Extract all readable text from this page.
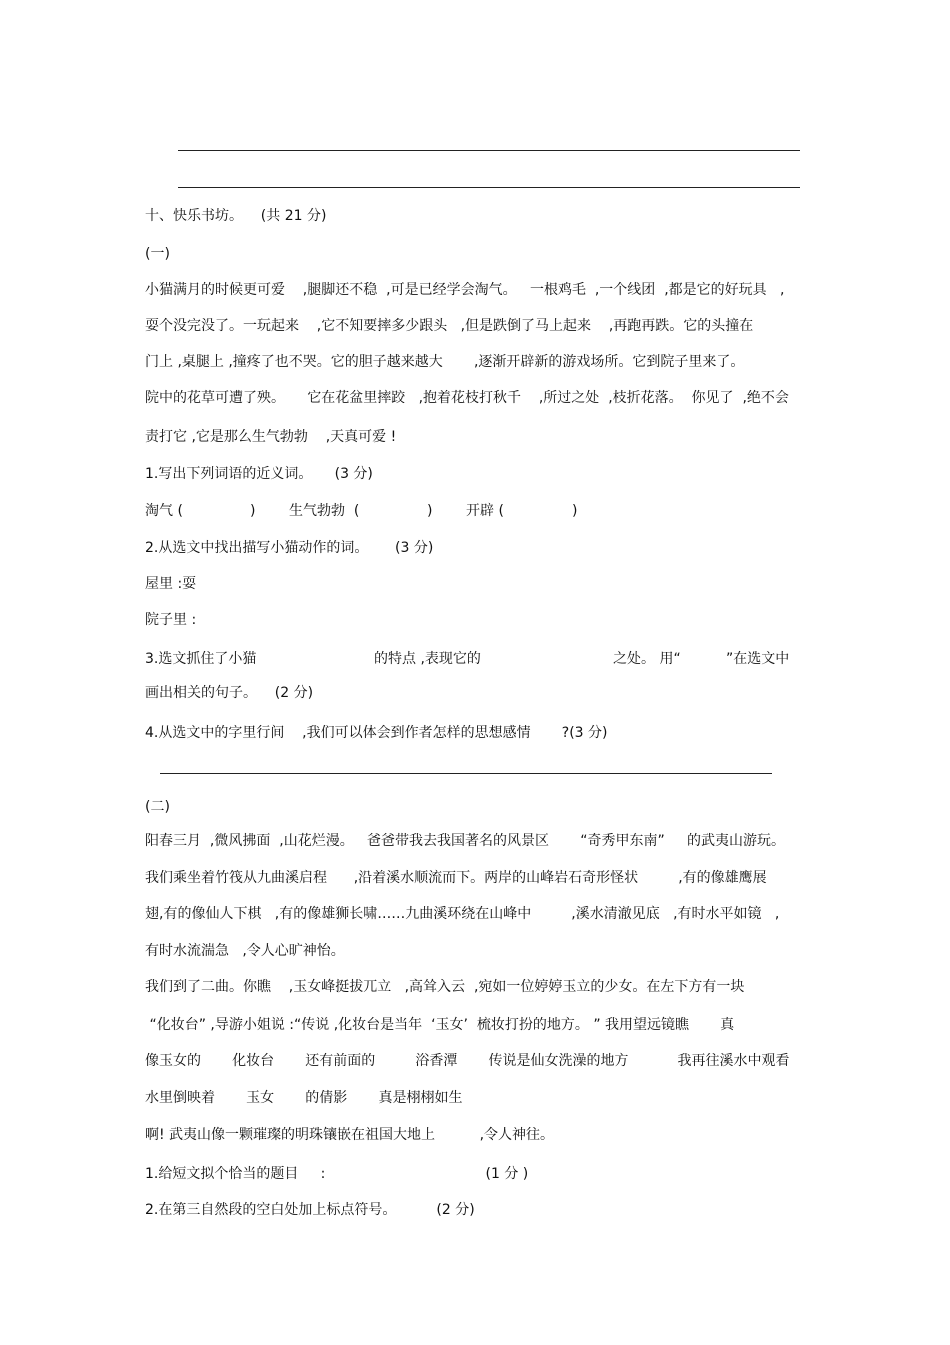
十、快乐书坊。    (共 21 分)
(一)
小猫满月的时候更可爱    ,腿脚还不稳  ,可是已经学会淘气。   一根鸡毛  ,一个线团  ,都是它的好玩具   ,
耍个没完没了。一玩起来    ,它不知要摔多少跟头   ,但是跌倒了马上起来    ,再跑再跌。它的头撞在
门上 ,桌腿上 ,撞疼了也不哭。它的胆子越来越大       ,逐渐开辟新的游戏场所。它到院子里来了。
院中的花草可遭了殃。     它在花盆里摔跤   ,抱着花枝打秋千    ,所过之处  ,枝折花落。  你见了  ,绝不会
责打它 ,它是那么生气勃勃    ,天真可爱 !
1.写出下列词语的近义词。     (3 分)
淘气 (	) 生气勃勃  (	) 开辟 (	)
2.从选文中找出描写小猫动作的词。      (3 分)
屋里 :耍
院子里 :
3.选文抓住了小猫	的特点 ,表现它的	之处。 用“	”在选文中
画出相关的句子。    (2 分)
4.从选文中的字里行间    ,我们可以体会到作者怎样的思想感情       ?(3 分)
(二)
阳春三月  ,微风拂面  ,山花烂漫。   爸爸带我去我国著名的风景区       “奇秀甲东南”     的武夷山游玩。
我们乘坐着竹筏从九曲溪启程      ,沿着溪水顺流而下。两岸的山峰岩石奇形怪状         ,有的像雄鹰展
翅,有的像仙人下棋   ,有的像雄狮长啸……九曲溪环绕在山峰中         ,溪水清澈见底   ,有时水平如镜   ,
有时水流湍急   ,令人心旷神怡。
我们到了二曲。你瞧    ,玉女峰挺拔兀立   ,高耸入云  ,宛如一位婷婷玉立的少女。在左下方有一块
“化妆台” ,导游小姐说 :“传说 ,化妆台是当年  ‘玉女’  梳妆打扮的地方。 ” 我用望远镜瞧       真
像玉女的       化妆台       还有前面的         浴香潭       传说是仙女洗澡的地方           我再往溪水中观看
水里倒映着       玉女       的倩影       真是栩栩如生
啊! 武夷山像一颗璀璨的明珠镶嵌在祖国大地上          ,令人神往。
1.给短文拟个恰当的题目     :                                    (1 分 )
2.在第三自然段的空白处加上标点符号。         (2 分)
